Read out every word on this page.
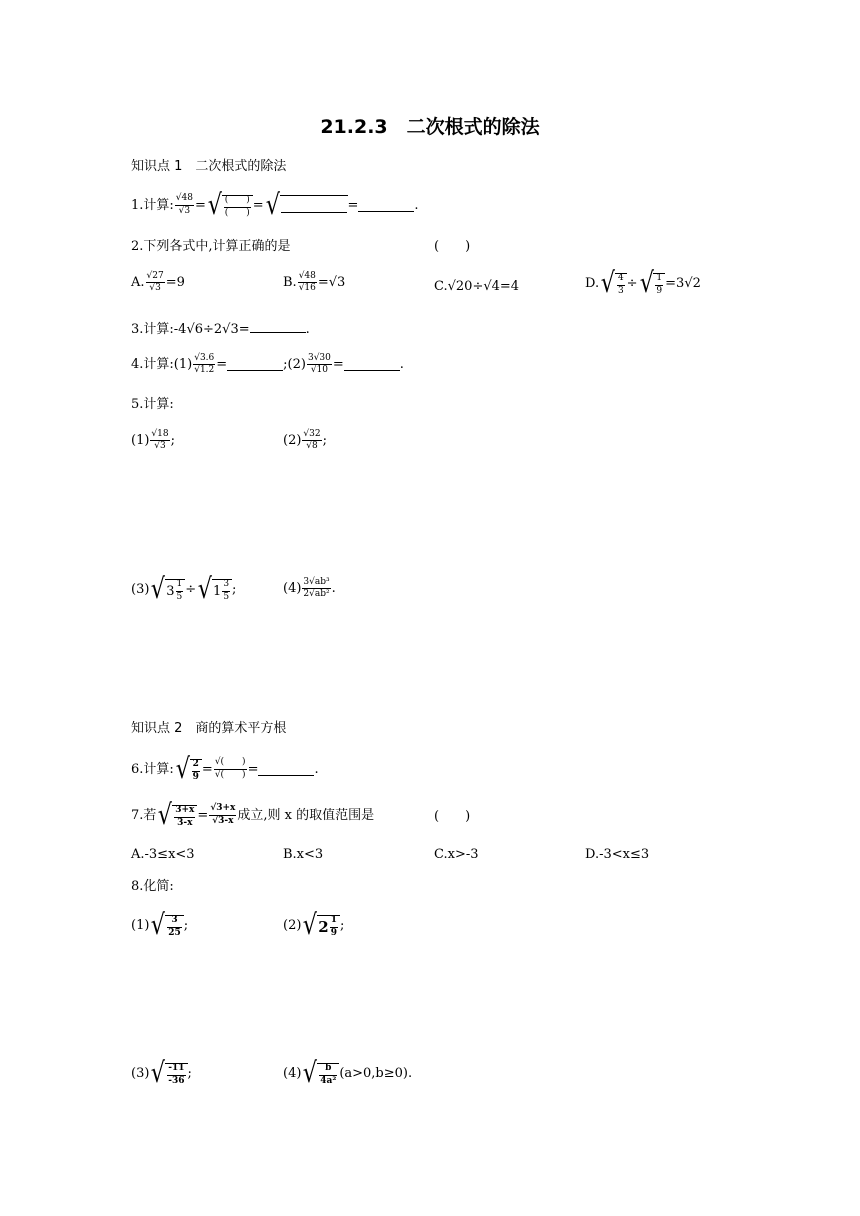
21.2.3　二次根式的除法
知识点 1　二次根式的除法
1.计算: $\frac{√48}{√3}$ = √ $\frac{( )}{( )}$ = √	=	.
2.下列各式中,计算正确的是	(　　)
A. $\frac{√27}{√3} =9$	B. $\frac{√48}{√16} =√3$	C.√20÷√4=4	D. √ $\frac{4}{3}$ ÷ √ $\frac{1}{9} =3√2$
3.计算:-4√6÷2√3=	.
4.计算:(1) $\frac{√3.6}{√1.2}$ =	;(2) $\frac{3√30}{√10}$ =	.
5.计算:
$(1) \frac{√18}{√3}$ ;	$(2) \frac{√32}{√8}$ ;
(3) √ $3 \frac{1}{5}$ ÷ √ $1 \frac{3}{5}$ ;	$(4) \frac{\text{3√ab³}}{\text{2√ab²}}$ .
知识点 2　商的算术平方根
6.计算: √ $\frac{2}{9} = \frac{√( )}{√( )}$ =	.
7.若 √ $\frac{3+x}{3-x} = \frac{√3+x}{√3-x}$ 成立,则 x 的取值范围是	(　　)
A.-3≤x<3	B.x<3	C.x>-3	D.-3<x≤3
8.化简:
(1) √ $\frac{3}{25}$ ;	(2) √ $2 \frac{1}{9}$ ;
(3) √ $\frac{-11}{-36}$ ;	(4) √ $\frac{b}{\text{4a²}} (a>0,b\ge 0)$.
